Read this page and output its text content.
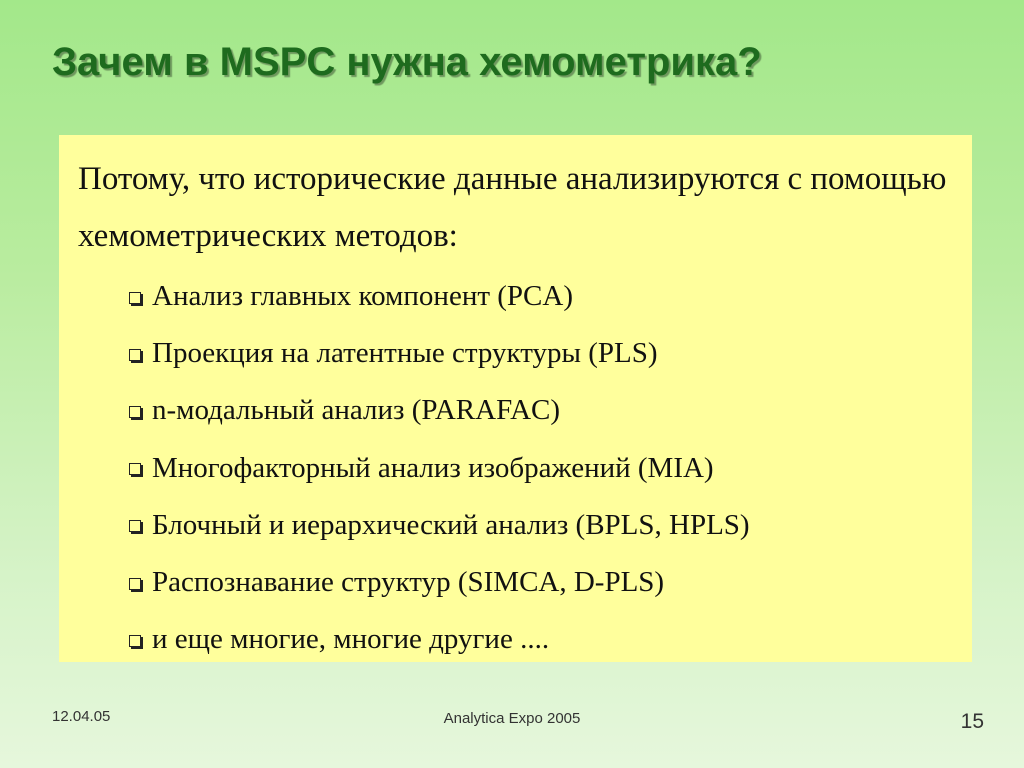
Зачем в MSPC нужна хемометрика?
Потому, что исторические данные анализируются с помощью хемометрических методов:
Анализ главных компонент (PCA)
Проекция на латентные структуры (PLS)
n-модальный анализ (PARAFAC)
Многофакторный анализ изображений (MIA)
Блочный и иерархический анализ (BPLS, HPLS)
Распознавание структур (SIMCA, D-PLS)
и еще многие, многие другие ....
12.04.05	Analytica Expo 2005	15
